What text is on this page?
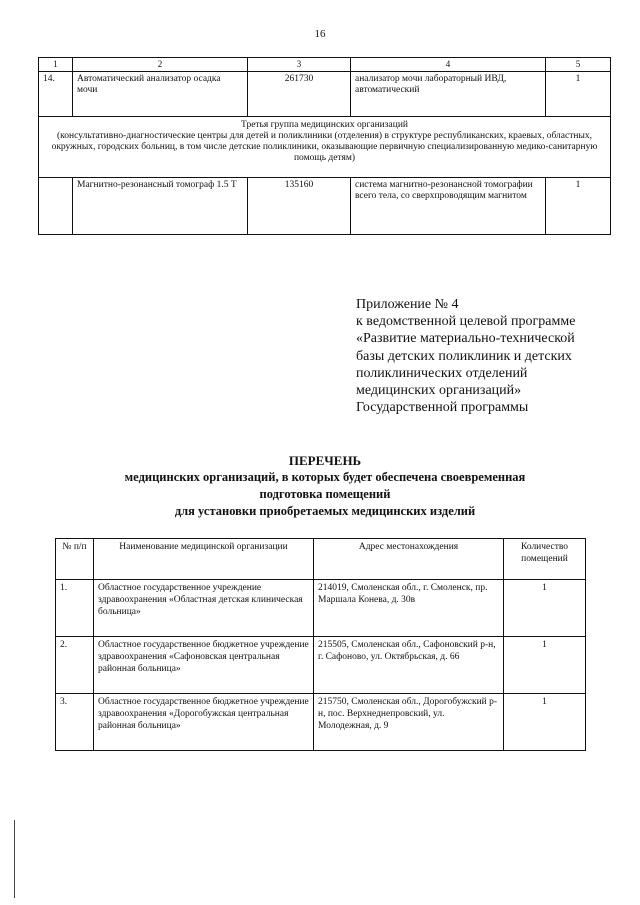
16
1	2	3	4	5
14.	Автоматический анализатор осадка мочи	261730	анализатор мочи лабораторный ИВД, автоматический	1

Третья группа медицинских организаций
(консультативно-диагностические центры для детей и поликлиники (отделения) в структуре республиканских, краевых, областных, окружных, городских больниц, в том числе детские поликлиники, оказывающие первичную специализированную медико-санитарную помощь детям)				

	Магнитно-резонансный томограф 1.5 Т	135160	система магнитно-резонансной томографии всего тела, со сверхпроводящим магнитом	1
Приложение № 4
к ведомственной целевой программе
«Развитие материально-технической
базы детских поликлиник и детских
поликлинических отделений
медицинских организаций»
Государственной программы
ПЕРЕЧЕНЬ
медицинских организаций, в которых будет обеспечена своевременная
подготовка помещений
для установки приобретаемых медицинских изделий
№ п/п	Наименование медицинской организации	Адрес местонахождения	Количество помещений
1.	Областное государственное учреждение здравоохранения «Областная детская клиническая больница»	214019, Смоленская обл., г. Смоленск, пр. Маршала Конева, д. 30в	1
2.	Областное государственное бюджетное учреждение здравоохранения «Сафоновская центральная районная больница»	215505, Смоленская обл., Сафоновский р-н, г. Сафоново, ул. Октябрьская, д. 66	1
3.	Областное государственное бюджетное учреждение здравоохранения «Дорогобужская центральная районная больница»	215750, Смоленская обл., Дорогобужский р-н, пос. Верхнеднепровский, ул. Молодежная, д. 9	1
